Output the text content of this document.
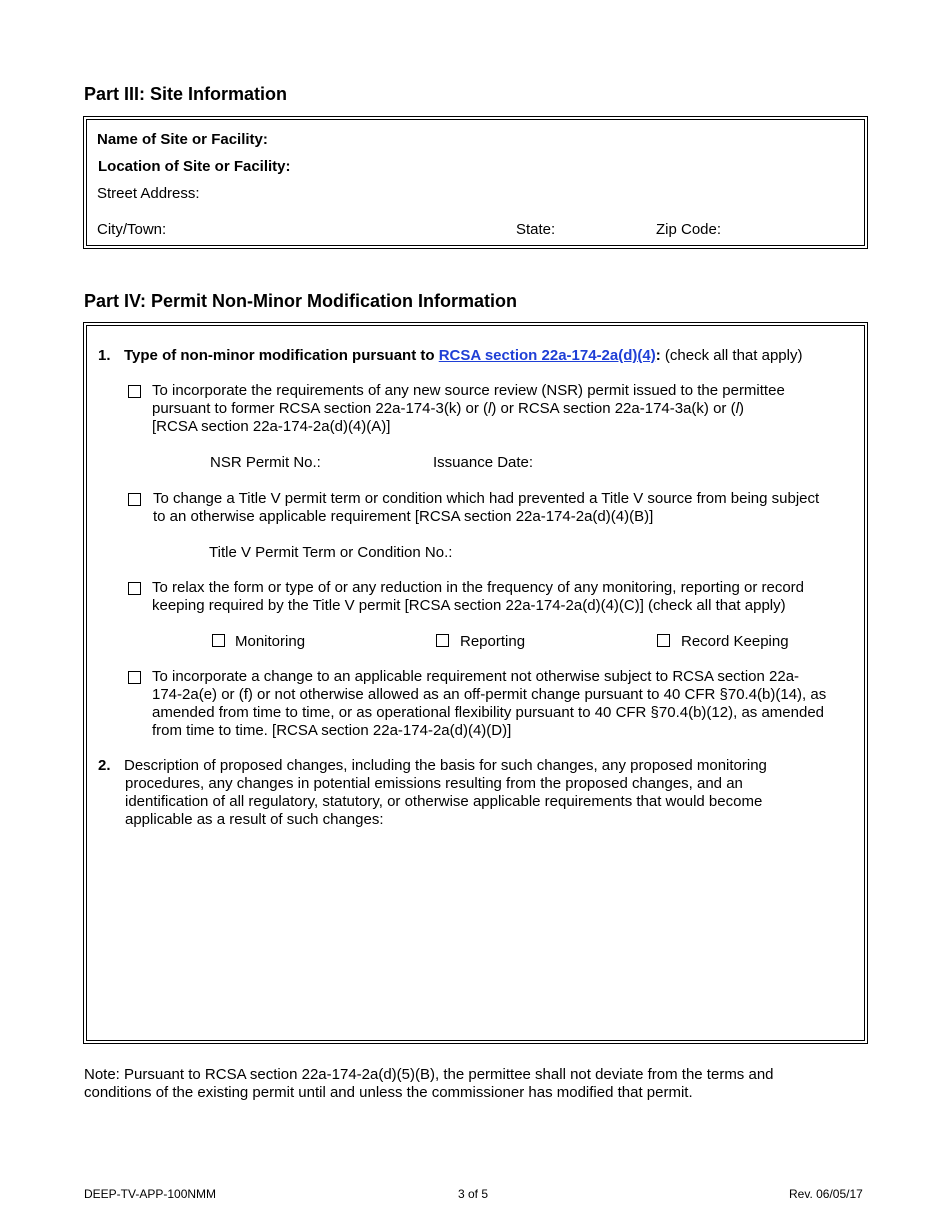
Part III: Site Information
Name of Site or Facility:
Location of Site or Facility:
Street Address:
City/Town:	State:	Zip Code:
Part IV: Permit Non-Minor Modification Information
1. Type of non-minor modification pursuant to RCSA section 22a-174-2a(d)(4): (check all that apply)
To incorporate the requirements of any new source review (NSR) permit issued to the permittee
pursuant to former RCSA section 22a-174-3(k) or (l) or RCSA section 22a-174-3a(k) or (l)
[RCSA section 22a-174-2a(d)(4)(A)]
NSR Permit No.:	Issuance Date:
To change a Title V permit term or condition which had prevented a Title V source from being subject
to an otherwise applicable requirement [RCSA section 22a-174-2a(d)(4)(B)]
Title V Permit Term or Condition No.:
To relax the form or type of or any reduction in the frequency of any monitoring, reporting or record
keeping required by the Title V permit [RCSA section 22a-174-2a(d)(4)(C)] (check all that apply)
Monitoring	Reporting	Record Keeping
To incorporate a change to an applicable requirement not otherwise subject to RCSA section 22a-
174-2a(e) or (f) or not otherwise allowed as an off-permit change pursuant to 40 CFR §70.4(b)(14), as
amended from time to time, or as operational flexibility pursuant to 40 CFR §70.4(b)(12), as amended
from time to time. [RCSA section 22a-174-2a(d)(4)(D)]
2. Description of proposed changes, including the basis for such changes, any proposed monitoring
procedures, any changes in potential emissions resulting from the proposed changes, and an
identification of all regulatory, statutory, or otherwise applicable requirements that would become
applicable as a result of such changes:
Note: Pursuant to RCSA section 22a-174-2a(d)(5)(B), the permittee shall not deviate from the terms and
conditions of the existing permit until and unless the commissioner has modified that permit.
DEEP-TV-APP-100NMM	3 of 5	Rev. 06/05/17
